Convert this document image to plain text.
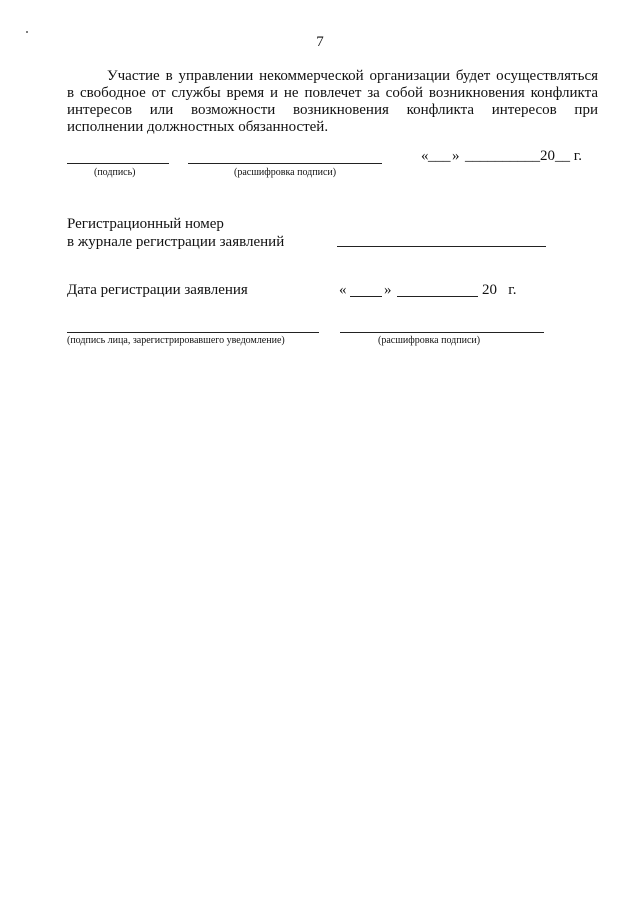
7
Участие в управлении некоммерческой организации будет осуществляться
в свободное от службы время и не повлечет за собой возникновения конфликта
интересов или возможности возникновения конфликта интересов при
исполнении должностных обязанностей.
« ___ » __________ 20__ г.
(подпись)	(расшифровка подписи)
Регистрационный номер
в журнале регистрации заявлений
Дата регистрации заявления	«	»	20   г.
(подпись лица, зарегистрировавшего уведомление)	(расшифровка подписи)
